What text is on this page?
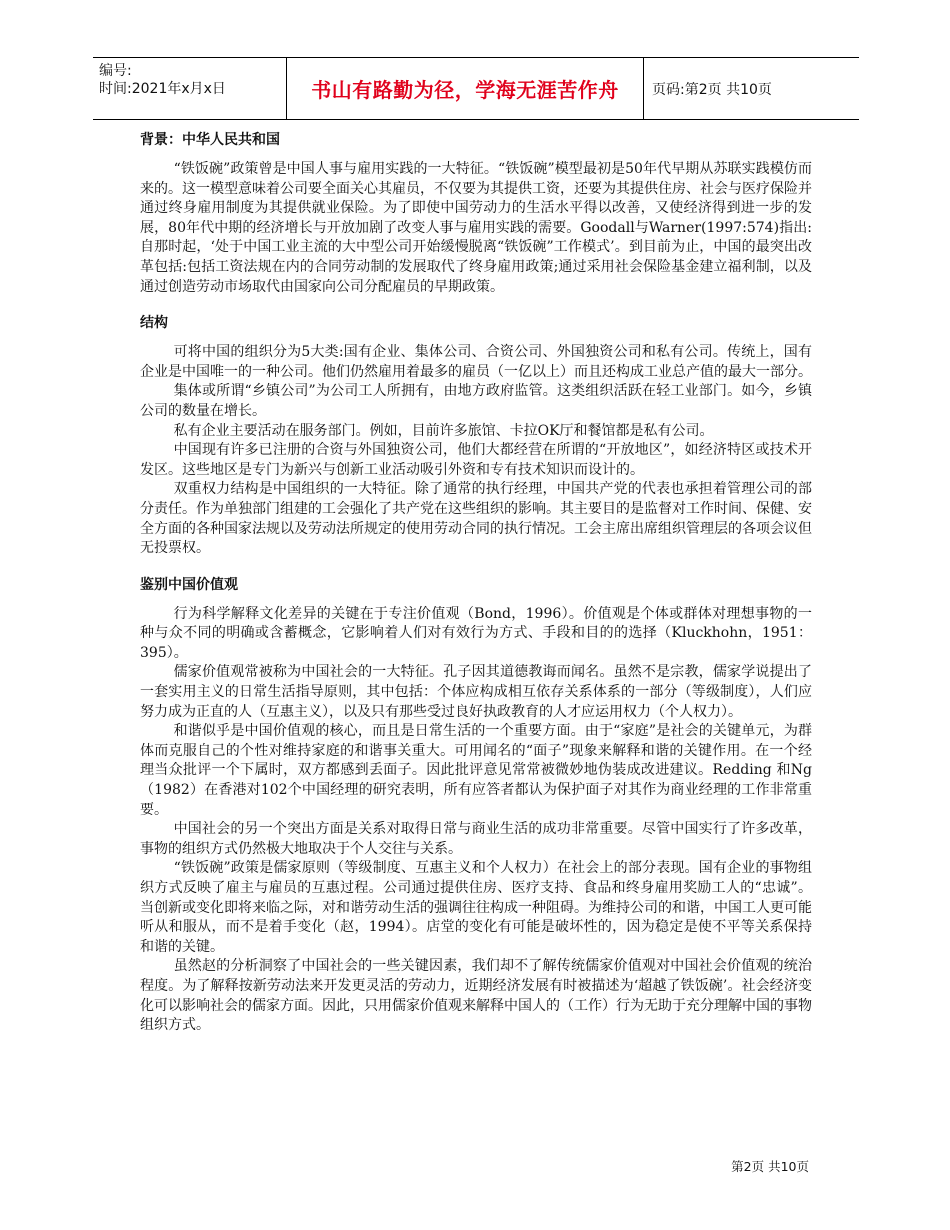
编号:
时间:2021年x月x日	书山有路勤为径，学海无涯苦作舟	页码:第2页 共10页
背景：中华人民共和国

“铁饭碗”政策曾是中国人事与雇用实践的一大特征。“铁饭碗”模型最初是50年代早期从苏联实践模仿而来的。这一模型意味着公司要全面关心其雇员，不仅要为其提供工资，还要为其提供住房、社会与医疗保险并通过终身雇用制度为其提供就业保险。为了即使中国劳动力的生活水平得以改善，又使经济得到进一步的发展，80年代中期的经济增长与开放加剧了改变人事与雇用实践的需要。Goodall与Warner(1997:574)指出:自那时起，‘处于中国工业主流的大中型公司开始缓慢脱离“铁饭碗”工作模式’。到目前为止，中国的最突出改革包括:包括工资法规在内的合同劳动制的发展取代了终身雇用政策;通过采用社会保险基金建立福利制，以及通过创造劳动市场取代由国家向公司分配雇员的早期政策。

结构

可将中国的组织分为5大类:国有企业、集体公司、合资公司、外国独资公司和私有公司。传统上，国有企业是中国唯一的一种公司。他们仍然雇用着最多的雇员（一亿以上）而且还构成工业总产值的最大一部分。

集体或所谓“乡镇公司”为公司工人所拥有，由地方政府监管。这类组织活跃在轻工业部门。如今，乡镇公司的数量在增长。

私有企业主要活动在服务部门。例如，目前许多旅馆、卡拉OK厅和餐馆都是私有公司。

中国现有许多已注册的合资与外国独资公司，他们大都经营在所谓的“开放地区”，如经济特区或技术开发区。这些地区是专门为新兴与创新工业活动吸引外资和专有技术知识而设计的。

双重权力结构是中国组织的一大特征。除了通常的执行经理，中国共产党的代表也承担着管理公司的部分责任。作为单独部门组建的工会强化了共产党在这些组织的影响。其主要目的是监督对工作时间、保健、安全方面的各种国家法规以及劳动法所规定的使用劳动合同的执行情况。工会主席出席组织管理层的各项会议但无投票权。

鉴别中国价值观

行为科学解释文化差异的关键在于专注价值观（Bond，1996）。价值观是个体或群体对理想事物的一种与众不同的明确或含蓄概念，它影响着人们对有效行为方式、手段和目的的选择（Kluckhohn，1951：395）。

儒家价值观常被称为中国社会的一大特征。孔子因其道德教诲而闻名。虽然不是宗教，儒家学说提出了一套实用主义的日常生活指导原则，其中包括：个体应构成相互依存关系体系的一部分（等级制度），人们应努力成为正直的人（互惠主义），以及只有那些受过良好执政教育的人才应运用权力（个人权力）。

和谐似乎是中国价值观的核心，而且是日常生活的一个重要方面。由于“家庭”是社会的关键单元，为群体而克服自己的个性对维持家庭的和谐事关重大。可用闻名的“面子”现象来解释和谐的关键作用。在一个经理当众批评一个下属时，双方都感到丢面子。因此批评意见常常被微妙地伪装成改进建议。Redding 和Ng（1982）在香港对102个中国经理的研究表明，所有应答者都认为保护面子对其作为商业经理的工作非常重要。

中国社会的另一个突出方面是关系对取得日常与商业生活的成功非常重要。尽管中国实行了许多改革，事物的组织方式仍然极大地取决于个人交往与关系。

“铁饭碗”政策是儒家原则（等级制度、互惠主义和个人权力）在社会上的部分表现。国有企业的事物组织方式反映了雇主与雇员的互惠过程。公司通过提供住房、医疗支持、食品和终身雇用奖励工人的“忠诚”。当创新或变化即将来临之际，对和谐劳动生活的强调往往构成一种阻碍。为维持公司的和谐，中国工人更可能听从和服从，而不是着手变化（赵，1994）。店堂的变化有可能是破坏性的，因为稳定是使不平等关系保持和谐的关键。

虽然赵的分析洞察了中国社会的一些关键因素，我们却不了解传统儒家价值观对中国社会价值观的统治程度。为了解释按新劳动法来开发更灵活的劳动力，近期经济发展有时被描述为‘超越了铁饭碗’。社会经济变化可以影响社会的儒家方面。因此，只用儒家价值观来解释中国人的（工作）行为无助于充分理解中国的事物组织方式。

第2页 共10页
